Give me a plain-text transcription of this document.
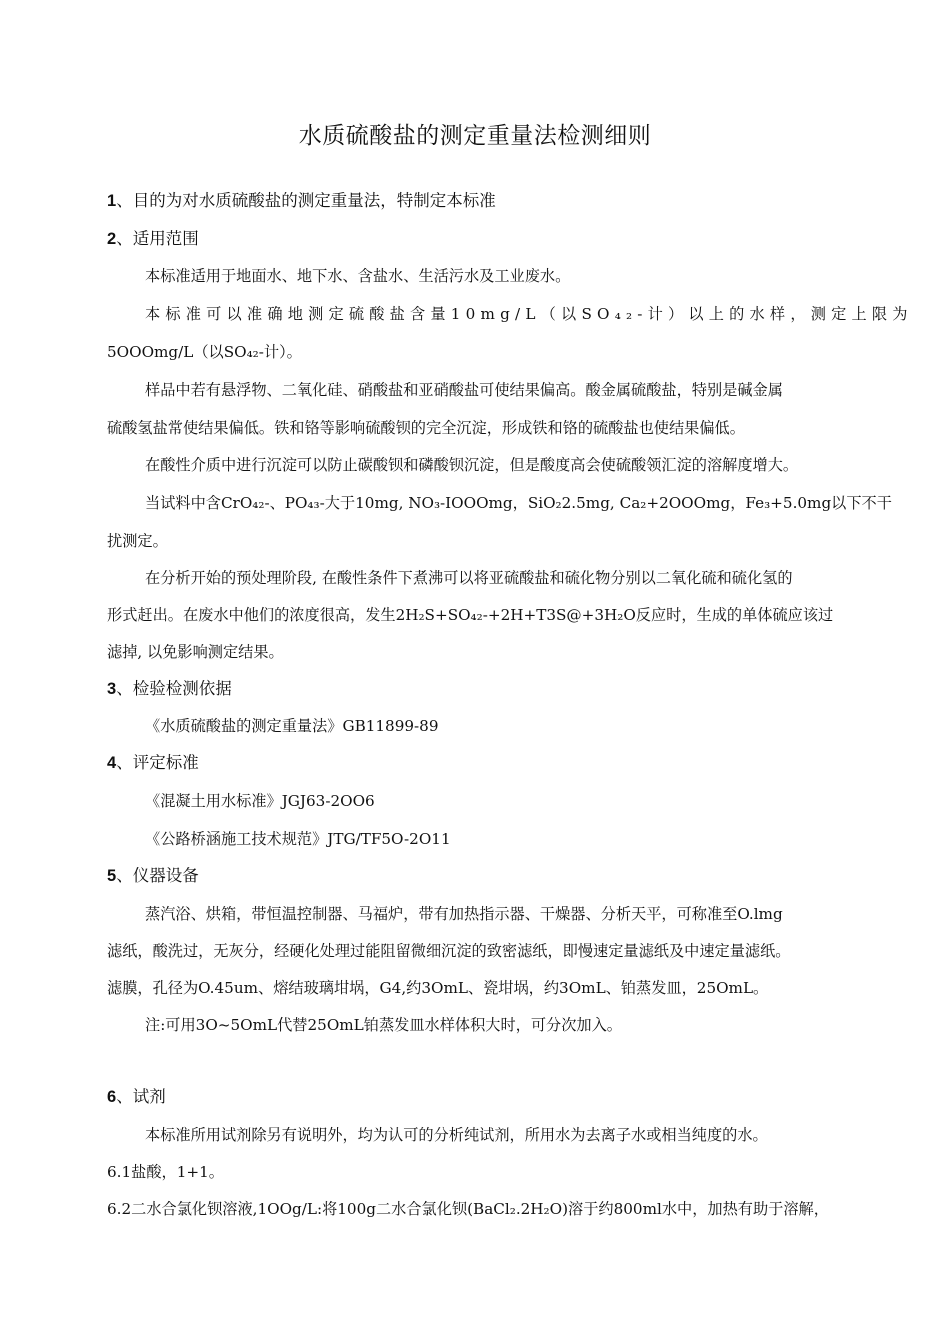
水质硫酸盐的测定重量法检测细则
1、目的为对水质硫酸盐的测定重量法，特制定本标准
2、适用范围
本标准适用于地面水、地下水、含盐水、生活污水及工业废水。
本标准可以准确地测定硫酸盐含量10mg/L（以SO₄₂-计）以上的水样，测定上限为
5OOOmg/L（以SO₄₂-计）。
样品中若有悬浮物、二氧化硅、硝酸盐和亚硝酸盐可使结果偏高。酸金属硫酸盐，特别是碱金属
硫酸氢盐常使结果偏低。铁和铬等影响硫酸钡的完全沉淀，形成铁和铬的硫酸盐也使结果偏低。
在酸性介质中进行沉淀可以防止碳酸钡和磷酸钡沉淀，但是酸度高会使硫酸领汇淀的溶解度增大。
当试料中含CrO₄₂-、PO₄₃-大于10mg, NO₃-IOOOmg，SiO₂2.5mg, Ca₂+2OOOmg，Fe₃+5.0mg以下不干
扰测定。
在分析开始的预处理阶段, 在酸性条件下煮沸可以将亚硫酸盐和硫化物分别以二氧化硫和硫化氢的
形式赶出。在废水中他们的浓度很高，发生2H₂S+SO₄₂-+2H+T3S@+3H₂O反应时，生成的单体硫应该过
滤掉, 以免影响测定结果。
3、检验检测依据
《水质硫酸盐的测定重量法》GB11899-89
4、评定标准
《混凝土用水标准》JGJ63-2OO6
《公路桥涵施工技术规范》JTG/TF5O-2O11
5、仪器设备
蒸汽浴、烘箱，带恒温控制器、马福炉，带有加热指示器、干燥器、分析天平，可称准至O.lmg
滤纸，酸洗过，无灰分，经硬化处理过能阻留微细沉淀的致密滤纸，即慢速定量滤纸及中速定量滤纸。
滤膜，孔径为O.45um、熔结玻璃坩埚，G4,约3OmL、瓷坩埚，约3OmL、铂蒸发皿，25OmL。
注:可用3O~5OmL代替25OmL铂蒸发皿水样体积大时，可分次加入。
6、试剂
本标准所用试剂除另有说明外，均为认可的分析纯试剂，所用水为去离子水或相当纯度的水。
6.1盐酸，1+1。
6.2二水合氯化钡溶液,1OOg/L:将100g二水合氯化钡(BaCl₂.2H₂O)溶于约800ml水中，加热有助于溶解，
